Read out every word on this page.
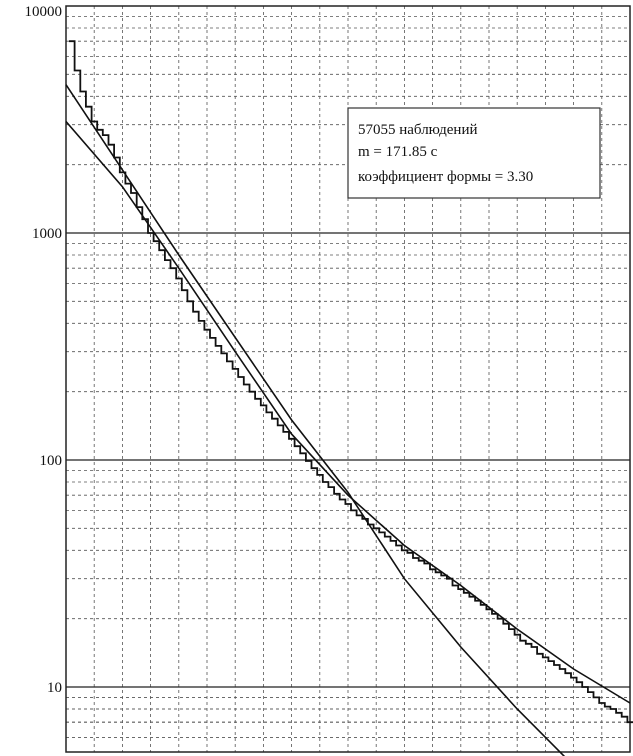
10
100
1000
10000
57055 наблюдений
m = 171.85 c
коэффициент формы = 3.30
